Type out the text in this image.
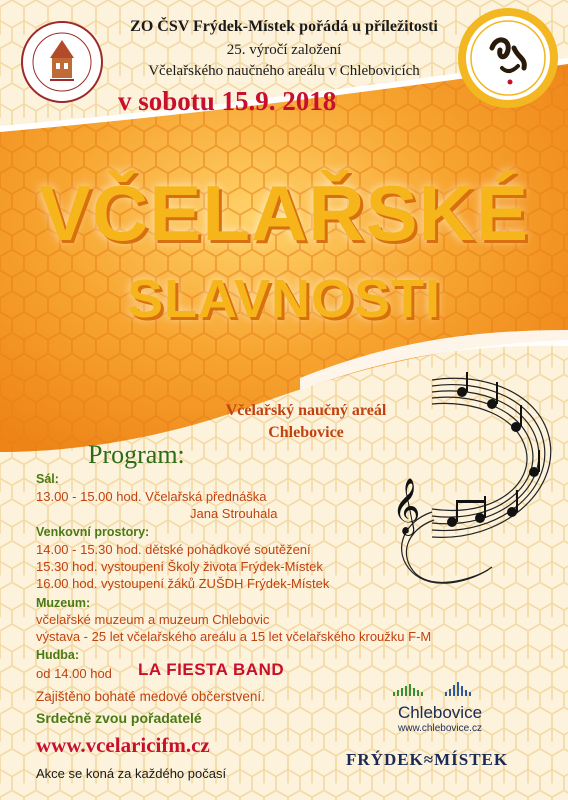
ZO ČSV Frýdek-Místek pořádá u příležitosti
25. výročí založení
Včelařského naučného areálu v Chlebovicích
v sobotu 15.9. 2018
VČELAŘSKÉ
SLAVNOSTI
Včelařský naučný areál
Chlebovice
𝄞
Program:
Sál:
13.00 - 15.00 hod. Včelařská přednáška
Jana Strouhala
Venkovní prostory:
14.00 - 15.30 hod. dětské pohádkové soutěžení
15.30 hod. vystoupení Školy života Frýdek-Místek
16.00 hod. vystoupení žáků ZUŠDH Frýdek-Místek
Muzeum:
včelařské muzeum a muzeum Chlebovic
výstava - 25 let včelařského areálu a 15 let včelařského kroužku F-M
Hudba:
od 14.00 hod LA FIESTA BAND
Zajištěno bohaté medové občerstvení.
Srdečně zvou pořadatelé
www.vcelaricifm.cz
Akce se koná za každého počasí
Chlebovice
www.chlebovice.cz
FRÝDEK≈MÍSTEK
